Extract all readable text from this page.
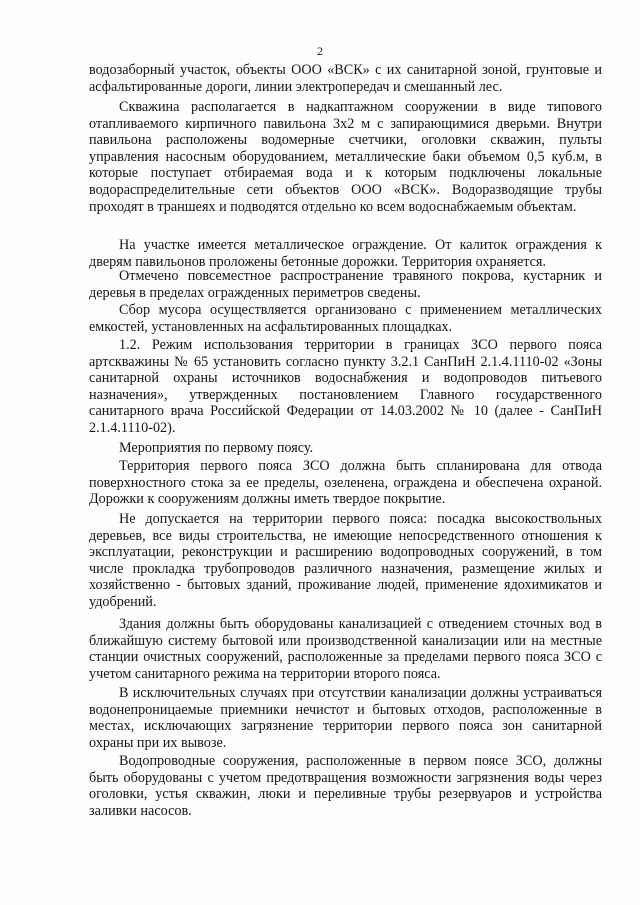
2

водозаборный участок, объекты ООО «ВСК» с их санитарной зоной, грунтовые и асфальтированные дороги, линии электропередач и смешанный лес.

Скважина располагается в надкаптажном сооружении в виде типового отапливаемого кирпичного павильона 3х2 м с запирающимися дверьми. Внутри павильона расположены водомерные счетчики, оголовки скважин, пульты управления насосным оборудованием, металлические баки объемом 0,5 куб.м, в которые поступает отбираемая вода и к которым подключены локальные водораспределительные сети объектов ООО «ВСК». Водоразводящие трубы проходят в траншеях и подводятся отдельно ко всем водоснабжаемым объектам.

На участке имеется металлическое ограждение. От калиток ограждения к дверям павильонов проложены бетонные дорожки. Территория охраняется.

Отмечено повсеместное распространение травяного покрова, кустарник и деревья в пределах огражденных периметров сведены.

Сбор мусора осуществляется организовано с применением металлических емкостей, установленных на асфальтированных площадках.

1.2. Режим использования территории в границах ЗСО первого пояса артскважины № 65 установить согласно пункту 3.2.1 СанПиН 2.1.4.1110-02 «Зоны санитарной охраны источников водоснабжения и водопроводов питьевого назначения», утвержденных постановлением Главного государственного санитарного врача Российской Федерации от 14.03.2002 № 10 (далее - СанПиН 2.1.4.1110-02).

Мероприятия по первому поясу.

Территория первого пояса ЗСО должна быть спланирована для отвода поверхностного стока за ее пределы, озеленена, ограждена и обеспечена охраной. Дорожки к сооружениям должны иметь твердое покрытие.

Не допускается на территории первого пояса: посадка высокоствольных деревьев, все виды строительства, не имеющие непосредственного отношения к эксплуатации, реконструкции и расширению водопроводных сооружений, в том числе прокладка трубопроводов различного назначения, размещение жилых и хозяйственно - бытовых зданий, проживание людей, применение ядохимикатов и удобрений.

Здания должны быть оборудованы канализацией с отведением сточных вод в ближайшую систему бытовой или производственной канализации или на местные станции очистных сооружений, расположенные за пределами первого пояса ЗСО с учетом санитарного режима на территории второго пояса.

В исключительных случаях при отсутствии канализации должны устраиваться водонепроницаемые приемники нечистот и бытовых отходов, расположенные в местах, исключающих загрязнение территории первого пояса зон санитарной охраны при их вывозе.

Водопроводные сооружения, расположенные в первом поясе ЗСО, должны быть оборудованы с учетом предотвращения возможности загрязнения воды через оголовки, устья скважин, люки и переливные трубы резервуаров и устройства заливки насосов.
